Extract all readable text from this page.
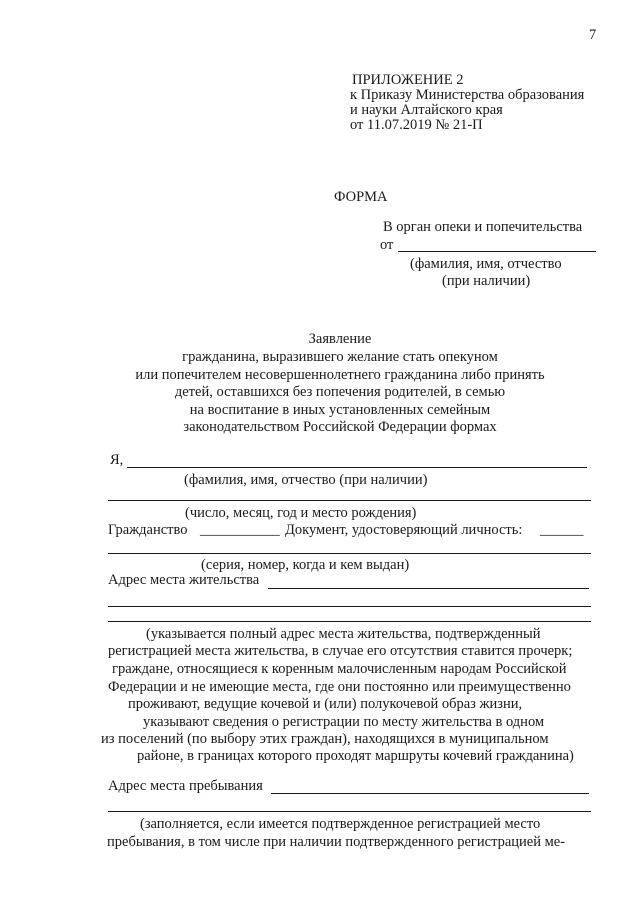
7
ПРИЛОЖЕНИЕ 2
к Приказу Министерства образования
и науки Алтайского края
от 11.07.2019 № 21-П
ФОРМА
В орган опеки и попечительства
от
(фамилия, имя, отчество
(при наличии)
Заявление
гражданина, выразившего желание стать опекуном
или попечителем несовершеннолетнего гражданина либо принять
детей, оставшихся без попечения родителей, в семью
на воспитание в иных установленных семейным
законодательством Российской Федерации формах
Я,
(фамилия, имя, отчество (при наличии)
(число, месяц, год и место рождения)
Гражданство ___________ Документ, удостоверяющий личность: ______
(серия, номер, когда и кем выдан)
Адрес места жительства
(указывается полный адрес места жительства, подтвержденный
регистрацией места жительства, в случае его отсутствия ставится прочерк;
граждане, относящиеся к коренным малочисленным народам Российской
Федерации и не имеющие места, где они постоянно или преимущественно
проживают, ведущие кочевой и (или) полукочевой образ жизни,
указывают сведения о регистрации по месту жительства в одном
из поселений (по выбору этих граждан), находящихся в муниципальном
районе, в границах которого проходят маршруты кочевий гражданина)
Адрес места пребывания
(заполняется, если имеется подтвержденное регистрацией место
пребывания, в том числе при наличии подтвержденного регистрацией ме-
